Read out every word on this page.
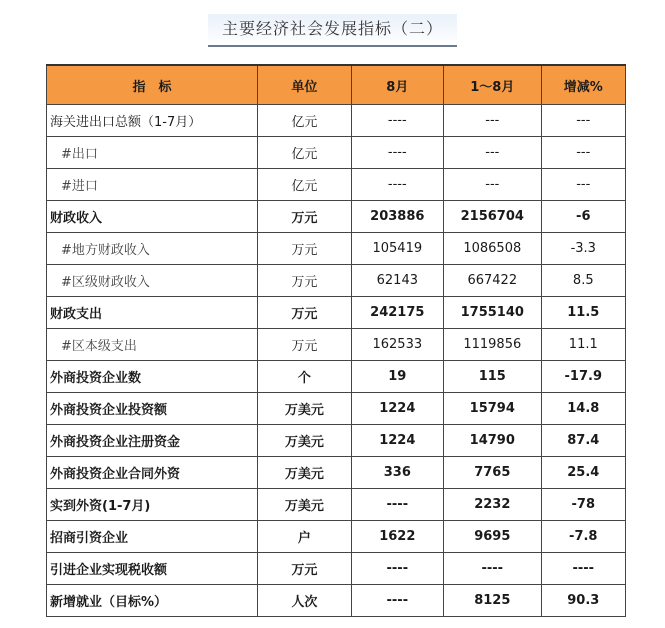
主要经济社会发展指标（二）
指　标	单位	8月	1～8月	增减%
海关进出口总额（1-7月）	亿元	----	---	---
#出口	亿元	----	---	---
#进口	亿元	----	---	---
财政收入	万元	203886	2156704	-6
#地方财政收入	万元	105419	1086508	-3.3
#区级财政收入	万元	62143	667422	8.5
财政支出	万元	242175	1755140	11.5
#区本级支出	万元	162533	1119856	11.1
外商投资企业数	个	19	115	-17.9
外商投资企业投资额	万美元	1224	15794	14.8
外商投资企业注册资金	万美元	1224	14790	87.4
外商投资企业合同外资	万美元	336	7765	25.4
实到外资(1-7月)	万美元	----	2232	-78
招商引资企业	户	1622	9695	-7.8
引进企业实现税收额	万元	----	----	----
新增就业（目标%）	人次	----	8125	90.3
